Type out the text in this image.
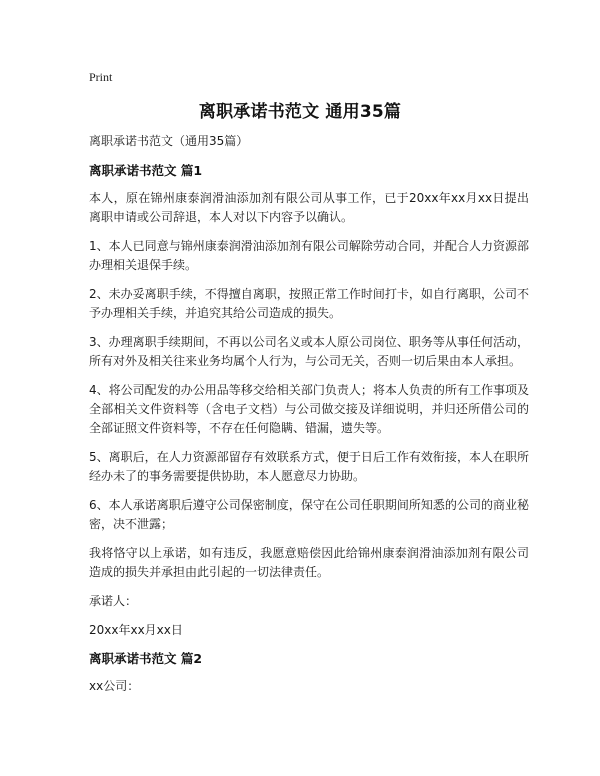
Print
离职承诺书范文 通用35篇
离职承诺书范文（通用35篇）
离职承诺书范文 篇1
本人，原在锦州康泰润滑油添加剂有限公司从事工作，已于20xx年xx月xx日提出离职申请或公司辞退，本人对以下内容予以确认。
1、本人已同意与锦州康泰润滑油添加剂有限公司解除劳动合同，并配合人力资源部办理相关退保手续。
2、未办妥离职手续，不得擅自离职，按照正常工作时间打卡，如自行离职，公司不予办理相关手续，并追究其给公司造成的损失。
3、办理离职手续期间，不再以公司名义或本人原公司岗位、职务等从事任何活动，所有对外及相关往来业务均属个人行为，与公司无关，否则一切后果由本人承担。
4、将公司配发的办公用品等移交给相关部门负责人；将本人负责的所有工作事项及全部相关文件资料等（含电子文档）与公司做交接及详细说明，并归还所借公司的全部证照文件资料等，不存在任何隐瞒、错漏，遗失等。
5、离职后，在人力资源部留存有效联系方式，便于日后工作有效衔接，本人在职所经办未了的事务需要提供协助，本人愿意尽力协助。
6、本人承诺离职后遵守公司保密制度，保守在公司任职期间所知悉的公司的商业秘密，决不泄露；
我将恪守以上承诺，如有违反，我愿意赔偿因此给锦州康泰润滑油添加剂有限公司造成的损失并承担由此引起的一切法律责任。
承诺人：
20xx年xx月xx日
离职承诺书范文 篇2
xx公司：
